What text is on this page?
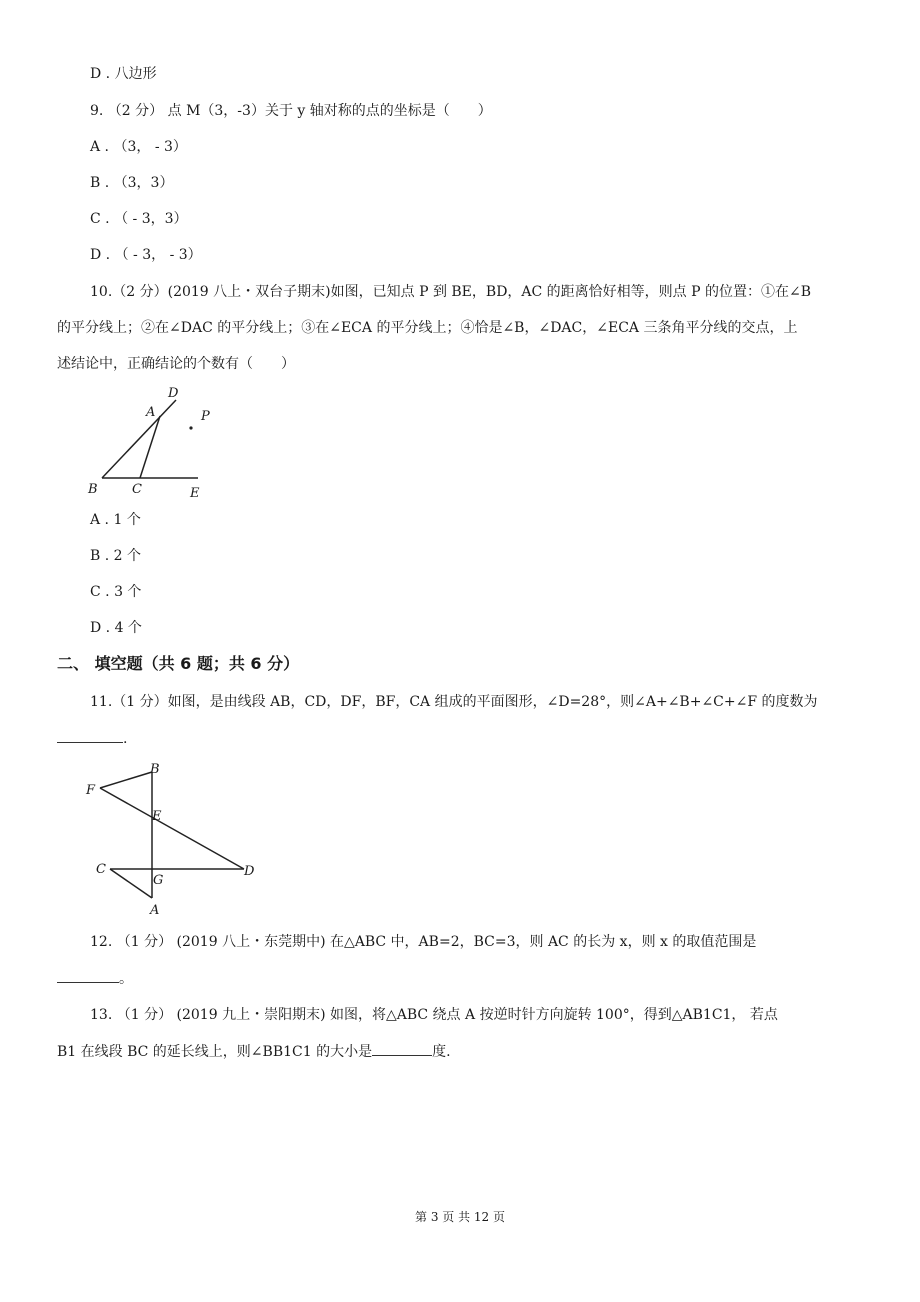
D . 八边形
9. （2 分） 点 M（3，-3）关于 y 轴对称的点的坐标是（　　）
A . （3， - 3）
B . （3，3）
C . （ - 3，3）
D . （ - 3， - 3）
10.（2 分）(2019 八上・双台子期末)如图，已知点 P 到 BE，BD，AC 的距离恰好相等，则点 P 的位置：①在∠B
的平分线上；②在∠DAC 的平分线上；③在∠ECA 的平分线上；④恰是∠B，∠DAC，∠ECA 三条角平分线的交点，上
述结论中，正确结论的个数有（　　）
D
A	P
B	C	E
A . 1 个
B . 2 个
C . 3 个
D . 4 个
二、 填空题（共 6 题；共 6 分）
11.（1 分）如图，是由线段 AB，CD，DF，BF，CA 组成的平面图形，∠D=28°，则∠A+∠B+∠C+∠F 的度数为
.
B
F
E
C
G
D
A
12. （1 分） (2019 八上・东莞期中) 在△ABC 中，AB=2，BC=3，则 AC 的长为 x，则 x 的取值范围是
。
13. （1 分） (2019 九上・崇阳期末) 如图，将△ABC 绕点 A 按逆时针方向旋转 100°，得到△AB1C1， 若点
B1 在线段 BC 的延长线上，则∠BB1C1 的大小是	度.
第 3 页 共 12 页
